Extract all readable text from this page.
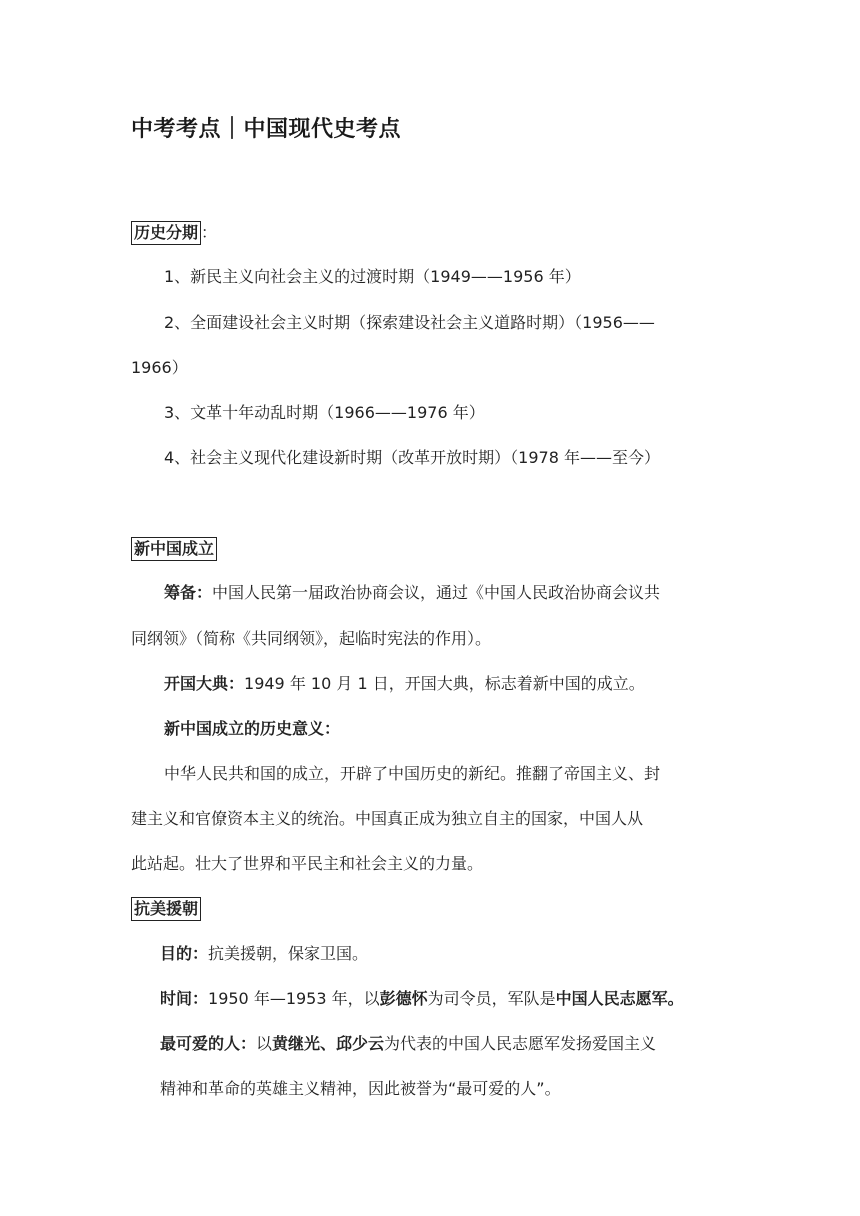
中考考点｜中国现代史考点
历史分期 ：
1、新民主义向社会主义的过渡时期（1949——1956 年）
2、全面建设社会主义时期（探索建设社会主义道路时期）（1956——
1966）
3、文革十年动乱时期（1966——1976 年）
4、社会主义现代化建设新时期（改革开放时期）（1978 年——至今）
新中国成立
筹备：中国人民第一届政治协商会议，通过《中国人民政治协商会议共
同纲领》（简称《共同纲领》，起临时宪法的作用）。
开国大典：1949 年 10 月 1 日，开国大典，标志着新中国的成立。
新中国成立的历史意义：
中华人民共和国的成立，开辟了中国历史的新纪。推翻了帝国主义、封
建主义和官僚资本主义的统治。中国真正成为独立自主的国家，中国人从
此站起。壮大了世界和平民主和社会主义的力量。
抗美援朝
目的：抗美援朝，保家卫国。
时间：1950 年—1953 年，以彭德怀为司令员，军队是中国人民志愿军。
最可爱的人：以黄继光、邱少云为代表的中国人民志愿军发扬爱国主义
精神和革命的英雄主义精神，因此被誉为“最可爱的人”。
